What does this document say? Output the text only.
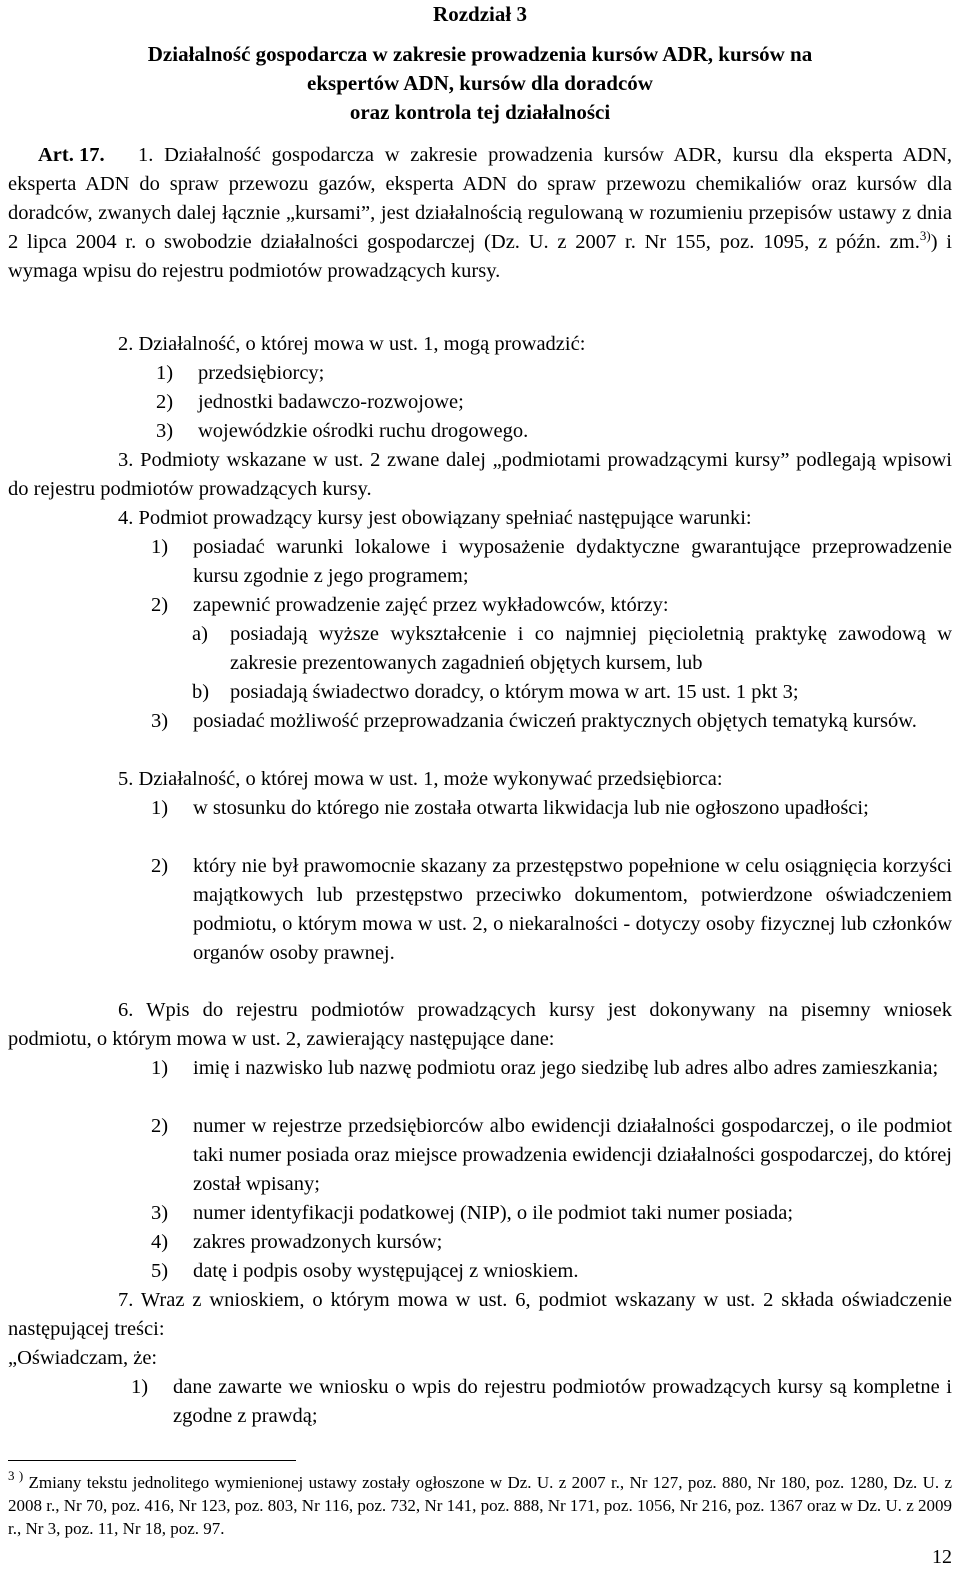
Rozdział 3
Działalność gospodarcza w zakresie prowadzenia kursów ADR, kursów na
ekspertów ADN, kursów dla doradców
oraz kontrola tej działalności

Art. 17. 1. Działalność gospodarcza w zakresie prowadzenia kursów ADR, kursu dla eksperta ADN, eksperta ADN do spraw przewozu gazów, eksperta ADN do spraw przewozu chemikaliów oraz kursów dla doradców, zwanych dalej łącznie „kursami”, jest działalnością regulowaną w rozumieniu przepisów ustawy z dnia 2 lipca 2004 r. o swobodzie działalności gospodarczej (Dz. U. z 2007 r. Nr 155, poz. 1095, z późn. zm.$^{3)}$) i wymaga wpisu do rejestru podmiotów prowadzących kursy.

2. Działalność, o której mowa w ust. 1, mogą prowadzić:

1) przedsiębiorcy;
2) jednostki badawczo-rozwojowe;
3) wojewódzkie ośrodki ruchu drogowego.

3. Podmioty wskazane w ust. 2 zwane dalej „podmiotami prowadzącymi kursy” podlegają wpisowi do rejestru podmiotów prowadzących kursy.

4. Podmiot prowadzący kursy jest obowiązany spełniać następujące warunki:

1) posiadać warunki lokalowe i wyposażenie dydaktyczne gwarantujące przeprowadzenie kursu zgodnie z jego programem;
2) zapewnić prowadzenie zajęć przez wykładowców, którzy:
a) posiadają wyższe wykształcenie i co najmniej pięcioletnią praktykę zawodową w zakresie prezentowanych zagadnień objętych kursem, lub
b) posiadają świadectwo doradcy, o którym mowa w art. 15 ust. 1 pkt 3;
3) posiadać możliwość przeprowadzania ćwiczeń praktycznych objętych tematyką kursów.

5. Działalność, o której mowa w ust. 1, może wykonywać przedsiębiorca:

1) w stosunku do którego nie została otwarta likwidacja lub nie ogłoszono upadłości;
2) który nie był prawomocnie skazany za przestępstwo popełnione w celu osiągnięcia korzyści majątkowych lub przestępstwo przeciwko dokumentom, potwierdzone oświadczeniem podmiotu, o którym mowa w ust. 2, o niekaralności - dotyczy osoby fizycznej lub członków organów osoby prawnej.

6. Wpis do rejestru podmiotów prowadzących kursy jest dokonywany na pisemny wniosek podmiotu, o którym mowa w ust. 2, zawierający następujące dane:

1) imię i nazwisko lub nazwę podmiotu oraz jego siedzibę lub adres albo adres zamieszkania;
2) numer w rejestrze przedsiębiorców albo ewidencji działalności gospodarczej, o ile podmiot taki numer posiada oraz miejsce prowadzenia ewidencji działalności gospodarczej, do której został wpisany;
3) numer identyfikacji podatkowej (NIP), o ile podmiot taki numer posiada;
4) zakres prowadzonych kursów;
5) datę i podpis osoby występującej z wnioskiem.

7. Wraz z wnioskiem, o którym mowa w ust. 6, podmiot wskazany w ust. 2 składa oświadczenie następującej treści:

„Oświadczam, że:

1) dane zawarte we wniosku o wpis do rejestru podmiotów prowadzących kursy są kompletne i zgodne z prawdą;

$^{3 )}$ Zmiany tekstu jednolitego wymienionej ustawy zostały ogłoszone w Dz. U. z 2007 r., Nr 127, poz. 880, Nr 180, poz. 1280, Dz. U. z 2008 r., Nr 70, poz. 416, Nr 123, poz. 803, Nr 116, poz. 732, Nr 141, poz. 888, Nr 171, poz. 1056, Nr 216, poz. 1367 oraz w Dz. U. z 2009 r., Nr 3, poz. 11, Nr 18, poz. 97.

12
